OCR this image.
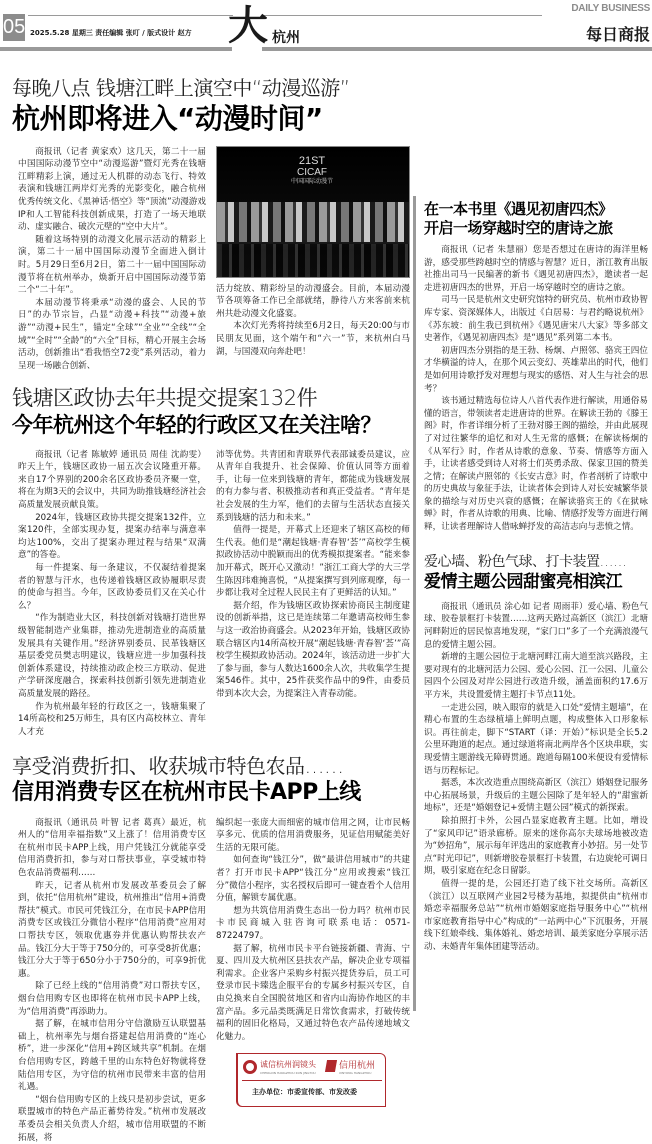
05 2025.5.28 星期三 责任编辑 张叮 / 版式设计 赵方 大 杭州
DAILY BUSINESS
每日商报
每晚八点 钱塘江畔上演空中“动漫巡游”
杭州即将进入“动漫时间”

商报讯（记者 黄家欢）这几天，第二十一届中国国际动漫节空中“动漫巡游”暨灯光秀在钱塘江畔精彩上演，通过无人机群的动态飞行、特效表演和钱塘江两岸灯光秀的光影变化，融合杭州优秀传统文化、《黑神话·悟空》等“顶流”动漫游戏IP和人工智能科技创新成果，打造了一场天地联动、虚实融合、破次元壁的“空中大片”。

随着这场特别的动漫文化展示活动的精彩上演，第二十一届中国国际动漫节全面进入倒计时。5月29日至6月2日，第二十一届中国国际动漫节将在杭州举办，焕新开启中国国际动漫节第二个“二十年”。

本届动漫节将秉承“动漫的盛会、人民的节日”的办节宗旨，凸显“动漫+科技”“动漫+旅游”“动漫+民生”，锚定“全球”“全业”“全线”“全域”“全时”“全龄”的“六全”目标，精心开展主会场活动，创新推出“看我悟空72变”系列活动，着力呈现一场融合创新、

21ST
CICAF
中国国际动漫节

活力绽放、精彩纷呈的动漫盛会。目前，本届动漫节各项筹备工作已全部就绪，静待八方来客前来杭州共赴动漫文化盛宴。

本次灯光秀将持续至6月2日，每天20:00与市民朋友见面，这个端午和“六一”节，来杭州白马湖，与国漫双向奔赴吧！

钱塘区政协去年共提交提案132件
今年杭州这个年轻的行政区又在关注啥？

商报讯（记者 陈敏婷 通讯员 周佳 沈韵雯）昨天上午，钱塘区政协一届五次会议隆重开幕。来自17个界别的200余名区政协委员齐聚一堂，将在为期3天的会议中，共同为助推钱塘经济社会高质量发展贡献良策。

2024年，钱塘区政协共提交提案132件，立案120件，全部实现办复，提案办结率与满意率均达100%，交出了提案办理过程与结果“双满意”的答卷。

每一件提案、每一条建议，不仅凝结着提案者的智慧与汗水，也传递着钱塘区政协履职尽责的使命与担当。今年，区政协委员们又在关心什么？

“作为制造业大区，科技创新对钱塘打造世界级智能制造产业集群，推动先进制造业的高质量发展具有关键作用。”经济界别委员、民革钱塘区基层委党员樊志明建议，钱塘应进一步加强科技创新体系建设，持续推动政企校三方联动、促进产学研深度融合，探索科技创新引领先进制造业高质量发展的路径。

作为杭州最年轻的行政区之一，钱塘集聚了14所高校和25万师生，具有区内高校林立、青年人才充

沛等优势。共青团和青联界代表邵诚委员建议，应从青年自我提升、社会保障、价值认同等方面着手，让每一位来到钱塘的青年，都能成为钱塘发展的有力参与者、积极推动者和真正受益者。“青年是社会发展的生力军，他们的去留与生活状态直接关系到钱塘的活力和未来。”

值得一提是，开幕式上还迎来了辖区高校的师生代表。他们是“潮起钱塘·青春智‘荟’”高校学生模拟政协活动中脱颖而出的优秀模拟提案者。“能来参加开幕式，既开心又激动！”浙江工商大学的大三学生陈因玮难掩喜悦，“从提案撰写到列席观摩，每一步都让我对全过程人民民主有了更鲜活的认知。”

据介绍，作为钱塘区政协探索协商民主制度建设的创新举措，这已是连续第二年邀请高校师生参与这一政治协商盛会。从2023年开始，钱塘区政协联合辖区内14所高校开展“潮起钱塘·青春智‘荟’”高校学生模拟政协活动。2024年，该活动进一步扩大了参与面，参与人数达1600余人次，共收集学生提案546件。其中，25件获奖作品中的9件，由委员带到本次大会，为提案注入青春动能。

享受消费折扣、收获城市特色农品……
信用消费专区在杭州市民卡APP上线

商报讯（通讯员 叶智 记者 葛真）最近，杭州人的“信用幸福指数”又上涨了！信用消费专区在杭州市民卡APP上线，用户凭钱江分就能享受信用消费折扣，参与对口帮扶事业，享受城市特色农品消费福利……

昨天，记者从杭州市发展改革委员会了解到，依托“信用杭州”建设，杭州推出“信用+消费帮扶”模式。市民可凭钱江分，在市民卡APP信用消费专区或钱江分微信小程序“信用消费”应用对口帮扶专区，领取优惠券并优惠认购帮扶农产品。钱江分大于等于750分的，可享受8折优惠；钱江分大于等于650分小于750分的，可享9折优惠。

除了已经上线的“信用消费”对口帮扶专区，烟台信用购专区也即将在杭州市民卡APP上线，为“信用消费”再添助力。

据了解，在城市信用分守信激励互认联盟基础上，杭州率先与烟台搭建起信用消费的“连心桥”，进一步深化“信用+跨区域共享”机制。在烟台信用购专区，跨越千里的山东特色好物就将登陆信用专区，为守信的杭州市民带来丰富的信用礼遇。

“烟台信用购专区的上线只是初步尝试，更多联盟城市的特色产品正蓄势待发。”杭州市发展改革委员会相关负责人介绍，城市信用联盟的不断拓展，将

编织起一张庞大而细密的城市信用之网，让市民畅享多元、优质的信用消费服务，见证信用赋能美好生活的无限可能。

如何查询“钱江分”，做“最讲信用城市”的共建者？打开市民卡APP“钱江分”应用或搜索“钱江分”微信小程序，实名授权后即可一键查看个人信用分值，解锁专属优惠。

想为共筑信用消费生态出一份力吗？杭州市民卡市民商城入驻咨询可联系电话：0571-87224797。

据了解，杭州市民卡平台链接新疆、青海、宁夏、四川及大杭州区县扶农产品，解决企业专项福利需求。企业客户采购乡村振兴提货券后，员工可登录市民卡臻选企服平台的专属乡村振兴专区，自由兑换来自全国脱贫地区和省内山海协作地区的丰富产品。多元品类既满足日常饮食需求，打破传统福利的固旧化格局，又通过特色农产品传递地域文化魅力。

诚信杭州润镜头
CHENGXIN HANGZHOU RUN JINGTOU
信用杭州
XINYONG HANGZHOU
主办单位：市委宣传部、市发改委
在一本书里《遇见初唐四杰》
开启一场穿越时空的唐诗之旅

商报讯（记者 朱慧丽）您是否想过在唐诗的海洋里畅游，感受那些跨越时空的情感与智慧？近日，浙江教育出版社推出司马一民编著的新书《遇见初唐四杰》，邀读者一起走进初唐四杰的世界，开启一场穿越时空的唐诗之旅。

司马一民是杭州文史研究馆特约研究员、杭州市政协智库专家、资深媒体人，出版过《白居易：与君约略说杭州》《苏东坡：前生我已到杭州》《遇见唐宋八大家》等多部文史著作，《遇见初唐四杰》是“遇见”系列第二本书。

初唐四杰分别指的是王勃、杨炯、卢照邻、骆宾王四位才华横溢的诗人，在那个风云变幻、英雄辈出的时代，他们是如何用诗歌抒发对理想与现实的感悟、对人生与社会的思考？

该书通过精选每位诗人八首代表作进行解读，用通俗易懂的语言，带领读者走进唐诗的世界。在解读王勃的《滕王阁》时，作者详细分析了王勃对滕王阁的描绘，并由此展现了对过往繁华的追忆和对人生无常的感慨；在解读杨炯的《从军行》时，作者从诗歌的意象、节奏、情感等方面入手，让读者感受到诗人对将士们英勇杀敌、保家卫国的赞美之情；在解读卢照邻的《长安古意》时，作者剖析了诗歌中的历史典故与象征手法，让读者体会到诗人对长安城繁华景象的描绘与对历史兴衰的感慨；在解读骆宾王的《在狱咏蝉》时，作者从诗歌的用典、比喻、情感抒发等方面进行阐释，让读者理解诗人借咏蝉抒发的高洁志向与悲愤之情。

爱心墙、粉色气球、打卡装置……
爱情主题公园甜蜜亮相滨江

商报讯（通讯员 涂心如 记者 周雨菲）爱心墙、粉色气球、胶卷景框打卡装置……这两天路过高新区（滨江）北塘河畔附近的居民惊喜地发现，“家门口”多了一个充满浪漫气息的爱情主题公园。

新增的主题公园位于北塘河畔江南大道至滨兴路段，主要对现有的北塘河活力公园、爱心公园、江一公园、儿童公园四个公园及对岸公园进行改造升级，涵盖面积约17.6万平方米，共设置爱情主题打卡节点11处。

一走进公园，映入眼帘的就是入口处“爱情主题墙”，在精心布置的生态绿植墙上鲜明点题，构成整体入口形象标识。再往前走，脚下“START（译：开始）”标识是全长5.2公里环跑道的起点。通过绿道将南北两岸各个区块串联，实现爱情主题游线无障碍贯通。跑道每隔100米便设有爱情标语与历程标记。

据悉，本次改造重点围绕高新区（滨江）婚姻登记服务中心拓展场景，升级后的主题公园除了是年轻人的“甜蜜新地标”，还是“婚姻登记+爱情主题公园”模式的新探索。

除拍照打卡外，公园凸显家庭教育主题。比如，增设了“家风印记”语录廊桥。原来的迷你高尔夫球场地被改造为“妙招角”，展示每年评选出的家庭教育小妙招。另一处节点“时光印记”，则新增胶卷景框打卡装置，右边旋轮可调日期，吸引家庭在纪念日留影。

值得一提的是，公园还打造了线下社交场所。高新区（滨江）以互联网产业园2号楼为基地，拟提供由“杭州市婚恋幸福服务总站”“杭州市婚姻家庭指导服务中心”“杭州市家庭教育指导中心”构成的“一站两中心”下沉服务，开展线下红娘牵线、集体婚礼、婚恋培训、最美家庭分享展示活动、未婚青年集体团建等活动。
